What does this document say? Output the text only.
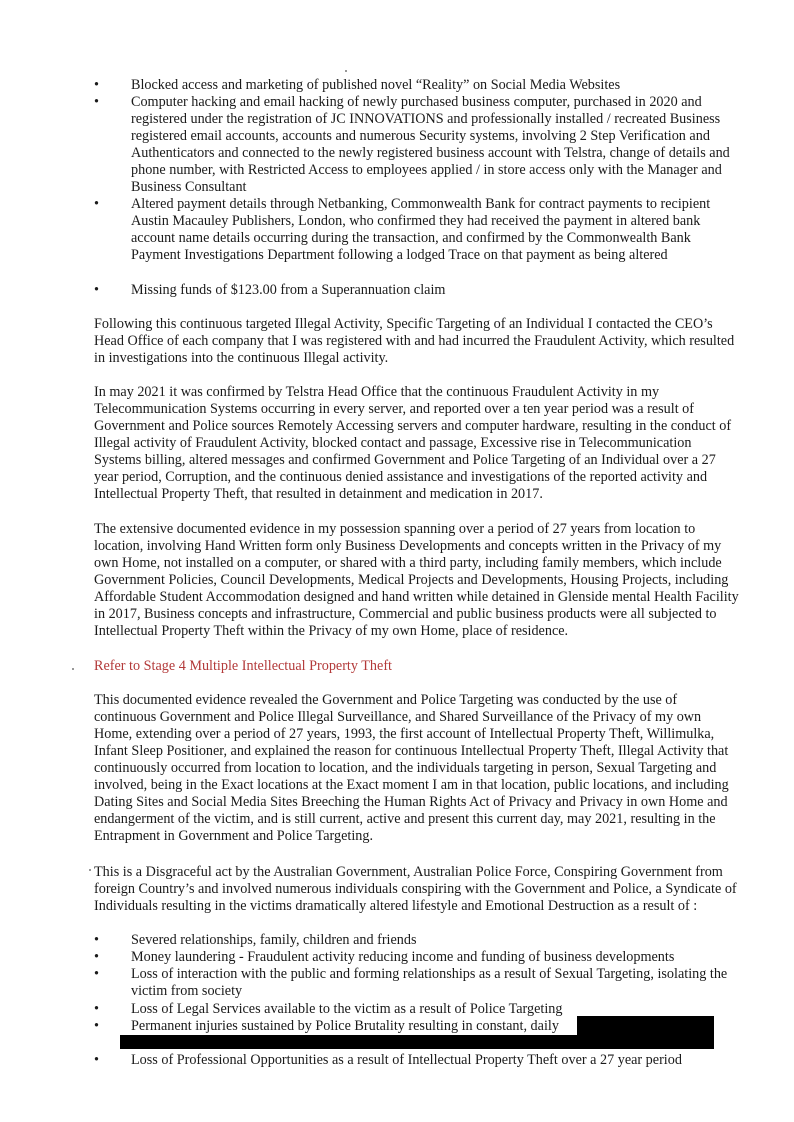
•	Blocked access and marketing of published novel “Reality” on Social Media Websites
•	Computer hacking and email hacking of newly purchased business computer, purchased in 2020 and registered under the registration of JC INNOVATIONS and professionally installed / recreated Business registered email accounts, accounts and numerous Security systems, involving 2 Step Verification and Authenticators and connected to the newly registered business account with Telstra, change of details and phone number, with Restricted Access to employees applied / in store access only with the Manager and Business Consultant
•	Altered payment details through Netbanking, Commonwealth Bank for contract payments to recipient Austin Macauley Publishers, London, who confirmed they had received the payment in altered bank account name details occurring during the transaction, and confirmed by the Commonwealth Bank Payment Investigations Department following a lodged Trace on that payment as being altered
•	Missing funds of $123.00 from a Superannuation claim

Following this continuous targeted Illegal Activity, Specific Targeting of an Individual I contacted the CEO’s Head Office of each company that I was registered with and had incurred the Fraudulent Activity, which resulted in investigations into the continuous Illegal activity.

In may 2021 it was confirmed by Telstra Head Office that the continuous Fraudulent Activity in my Telecommunication Systems occurring in every server, and reported over a ten year period was a result of Government and Police sources Remotely Accessing servers and computer hardware, resulting in the conduct of Illegal activity of Fraudulent Activity, blocked contact and passage, Excessive rise in Telecommunication Systems billing, altered messages and confirmed Government and Police Targeting of an Individual over a 27 year period, Corruption, and the continuous denied assistance and investigations of the reported activity and Intellectual Property Theft, that resulted in detainment and medication in 2017.

The extensive documented evidence in my possession spanning over a period of 27 years from location to location, involving Hand Written form only Business Developments and concepts written in the Privacy of my own Home, not installed on a computer, or shared with a third party, including family members, which include Government Policies, Council Developments, Medical Projects and Developments, Housing Projects, including Affordable Student Accommodation designed and hand written while detained in Glenside mental Health Facility in 2017, Business concepts and infrastructure, Commercial and public business products were all subjected to Intellectual Property Theft within the Privacy of my own Home, place of residence.

Refer to Stage 4 Multiple Intellectual Property Theft

This documented evidence revealed the Government and Police Targeting was conducted by the use of continuous Government and Police Illegal Surveillance, and Shared Surveillance of the Privacy of my own Home, extending over a period of 27 years, 1993, the first account of Intellectual Property Theft, Willimulka, Infant Sleep Positioner, and explained the reason for continuous Intellectual Property Theft, Illegal Activity that continuously occurred from location to location, and the individuals targeting in person, Sexual Targeting and involved, being in the Exact locations at the Exact moment I am in that location, public locations, and including Dating Sites and Social Media Sites Breeching the Human Rights Act of Privacy and Privacy in own Home and endangerment of the victim, and is still current, active and present this current day, may 2021, resulting in the Entrapment in Government and Police Targeting.

This is a Disgraceful act by the Australian Government, Australian Police Force, Conspiring Government from foreign Country’s and involved numerous individuals conspiring with the Government and Police, a Syndicate of Individuals resulting in the victims dramatically altered lifestyle and Emotional Destruction as a result of :

•	Severed relationships, family, children and friends
•	Money laundering - Fraudulent activity reducing income and funding of business developments
•	Loss of interaction with the public and forming relationships as a result of Sexual Targeting, isolating the victim from society
•	Loss of Legal Services available to the victim as a result of Police Targeting
•	Permanent injuries sustained by Police Brutality resulting in constant, daily
•	Loss of Professional Opportunities as a result of Intellectual Property Theft over a 27 year period
